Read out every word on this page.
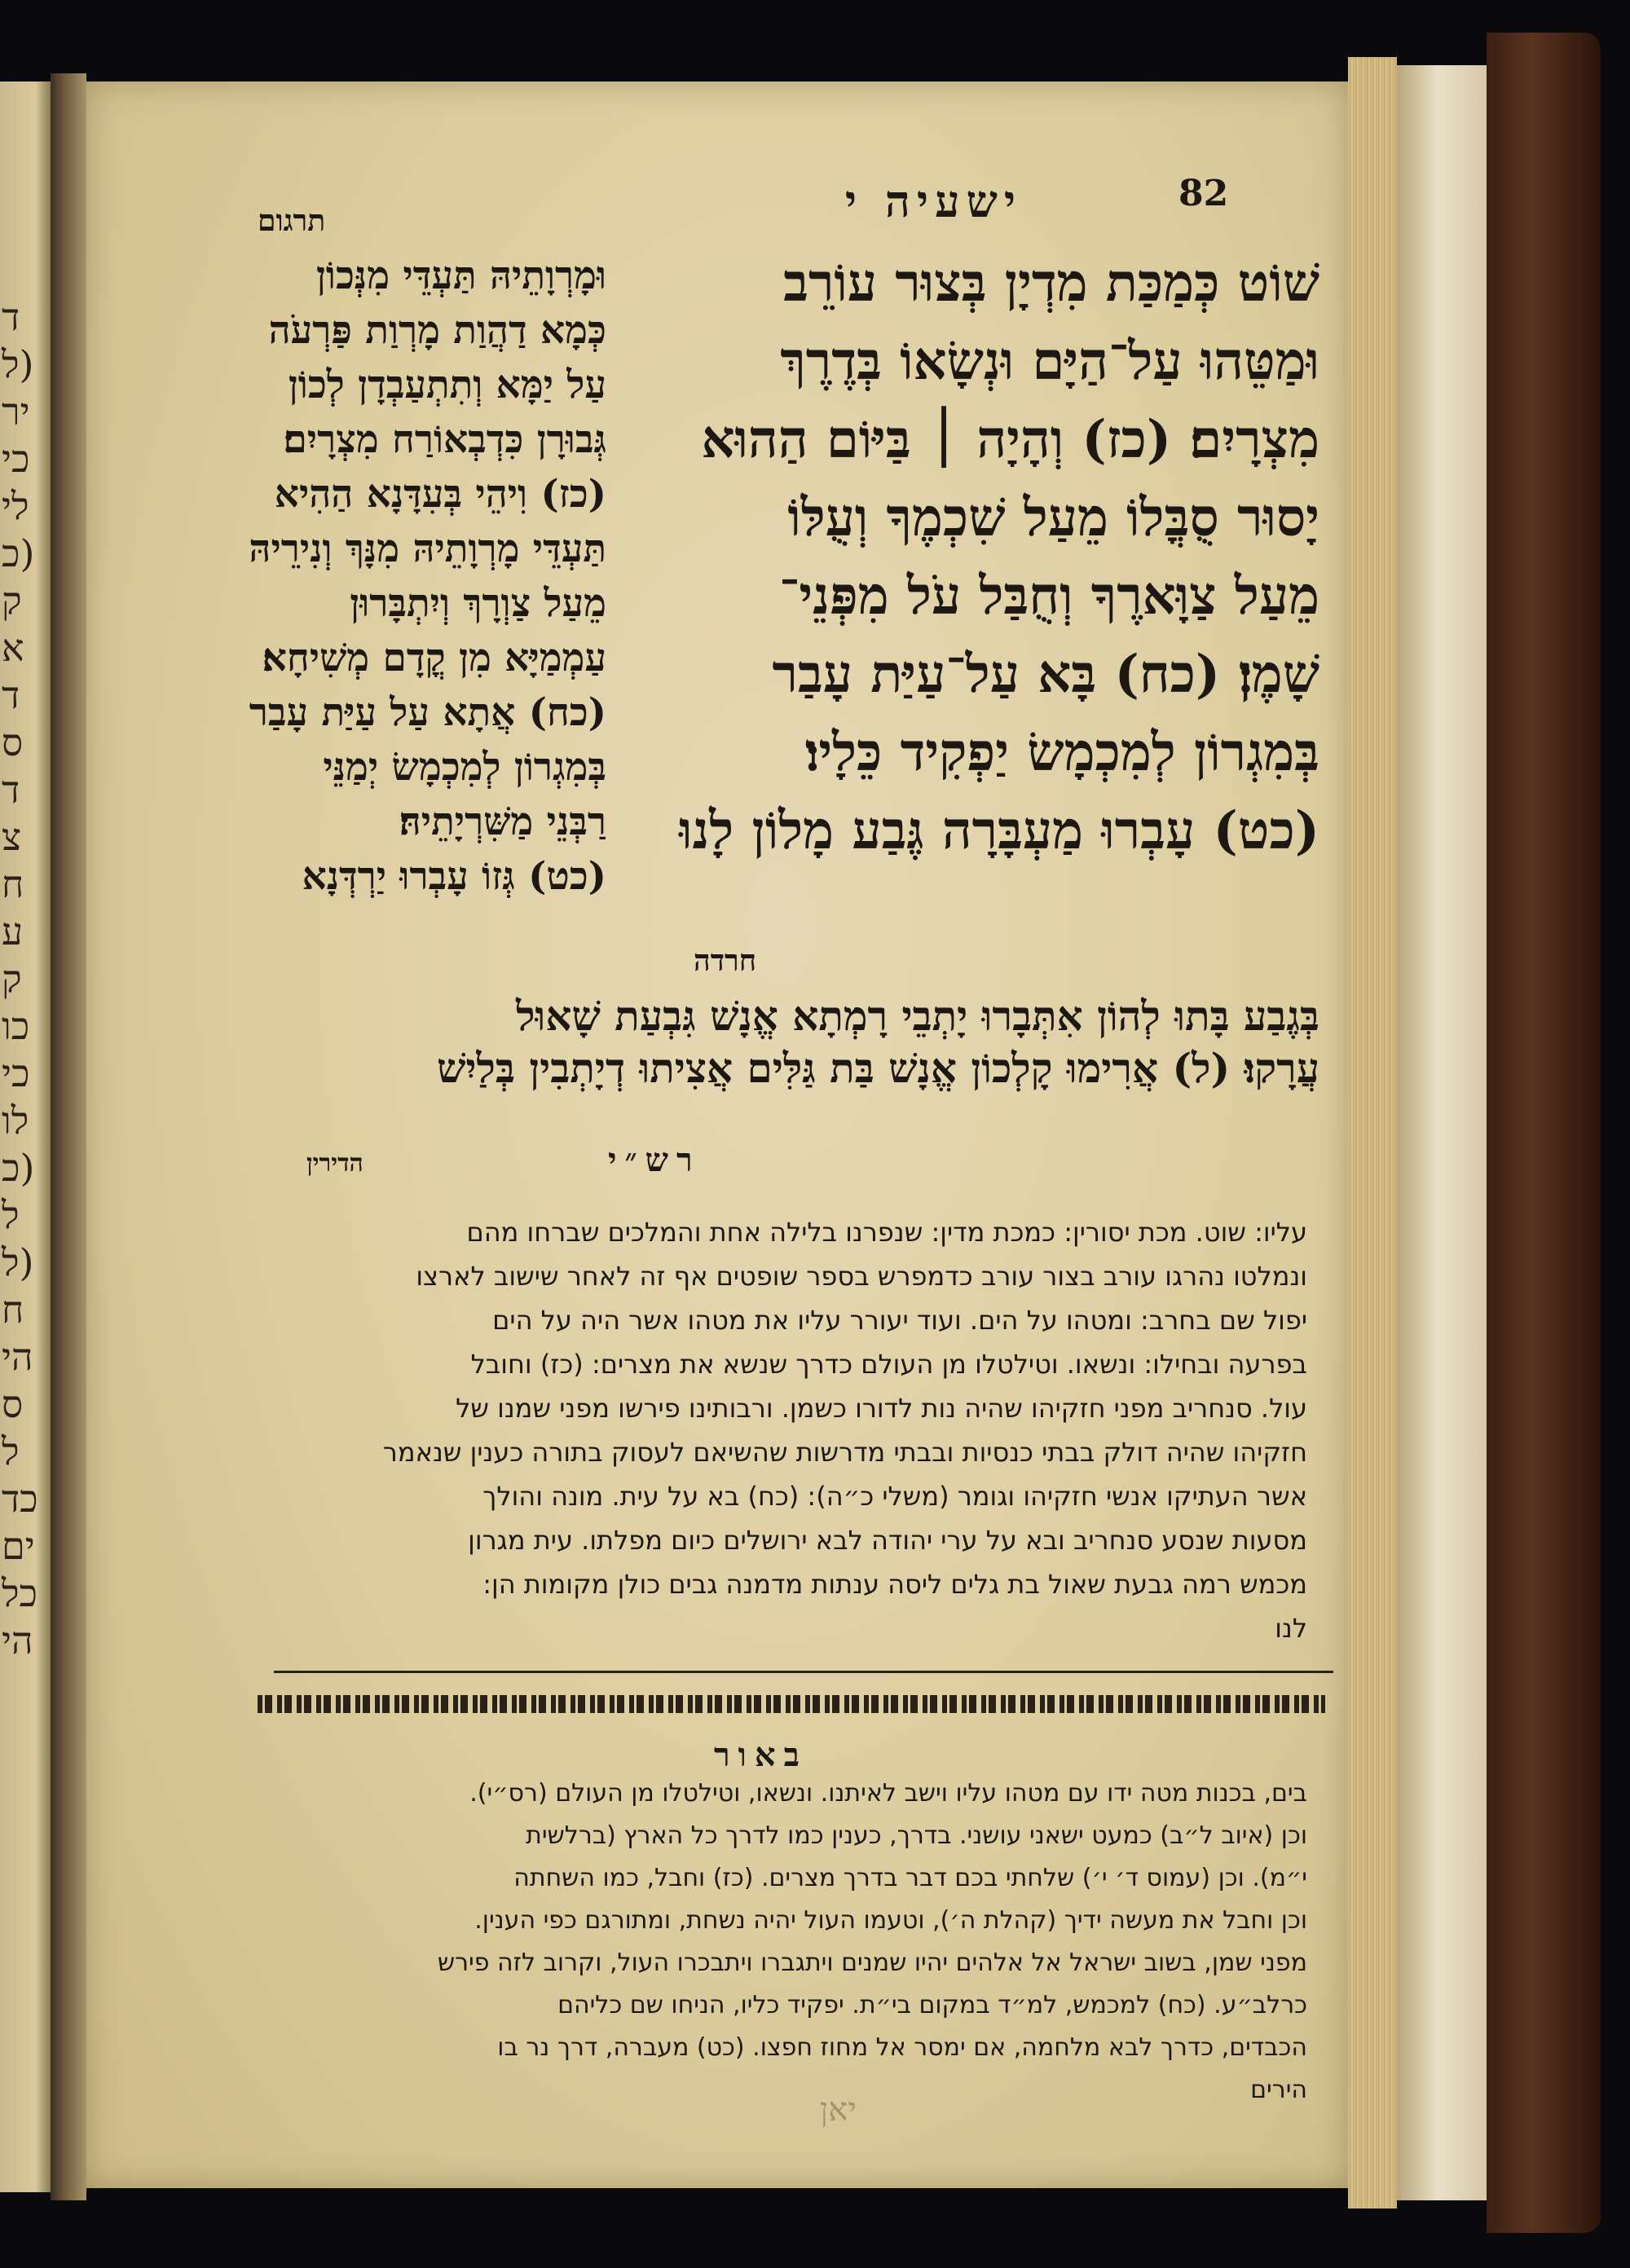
ד
(ל
יר
כי
לי
(כ
ק
א
ד
ס
ד
צ
ח
ע
ק
כו
כי
לו
(כ
ל
(ל
ח
הי
ס
ל
כד
ים
כל
הי
ישעיה י	82
תרגום
שׁוֹט כְּמַכַּת מִדְיָן בְּצוּר עוֹרֵב
וּמַטֵּהוּ עַל־הַיָּם וּנְשָׂאוֹ בְּדֶרֶךְ
מִצְרָיִם׃ (כז) וְהָיָה ׀ בַּיּוֹם הַהוּא
יָסוּר סֻבֳּלוֹ מֵעַל שִׁכְמֶךָ וְעֻלּוֹ
מֵעַל צַוָּארֶךָ וְחֻבַּל עֹל מִפְּנֵי־
שָׁמֶן׃ (כח) בָּא עַל־עַיַּת עָבַר
בְּמִגְרוֹן לְמִכְמָשׂ יַפְקִיד כֵּלָיו׃
(כט) עָבְרוּ מַעְבָּרָה גֶּבַע מָלוֹן לָנוּ
וּמָרְוָתֵיהּ תַּעְדֵּי מִנְּכוֹן
כְּמָא דַהֲוַת מָרְוַת פַּרְעֹה
עַל יַמָּא וְתִתְעַבְדָן לְכוֹן
גְּבוּרָן כִּדְבְאוֹרַח מִצְרָיִם׃
(כז) וִיהֵי בְּעִדָּנָא הַהִיא
תַּעְדֵּי מָרְוָתֵיהּ מִנָּךְ וְנִירֵיהּ
מֵעַל צַוְרָךְ וְיִתְבָּרוּן
עַמְמַיָּא מִן קֳדָם מְשִׁיחָא׃
(כח) אֲתָא עַל עַיַּת עָבַר
בְּמִגְרוֹן לְמִכְמָשׂ יְמַנֵּי
רַבְּנֵי מַשִּׁרְיָתֵיהּ׃
(כט) גְּזוֹ עָבְרוּ יַרְדְּנָא
חרדה
בְּגֶבַע בָּתוּ לְהוֹן אִתְּבָרוּ יָתְבֵי רָמְתָא אֱנָשׁ גִּבְעַת שָׁאוּל
עֲרָקוּ׃ (ל) אֲרִימוּ קָלְכוֹן אֱנָשׁ בַּת גַּלִּים אֲצִיתוּ דְיָתְבִין בְּלַיִשׁ
רש״י
הדירין
עליו: שוט. מכת יסורין: כמכת מדין: שנפרנו בלילה אחת והמלכים שברחו מהם
ונמלטו נהרגו עורב בצור עורב כדמפרש בספר שופטים אף זה לאחר שישוב לארצו
יפול שם בחרב: ומטהו על הים. ועוד יעורר עליו את מטהו אשר היה על הים
בפרעה ובחילו: ונשאו. וטילטלו מן העולם כדרך שנשא את מצרים: (כז) וחובל
עול. סנחריב מפני חזקיהו שהיה נות לדורו כשמן. ורבותינו פירשו מפני שמנו של
חזקיהו שהיה דולק בבתי כנסיות ובבתי מדרשות שהשיאם לעסוק בתורה כענין שנאמר
אשר העתיקו אנשי חזקיהו וגומר (משלי כ״ה): (כח) בא על עית. מונה והולך
מסעות שנסע סנחריב ובא על ערי יהודה לבא ירושלים כיום מפלתו. עית מגרון
מכמש רמה גבעת שאול בת גלים ליסה ענתות מדמנה גבים כולן מקומות הן:
לנו
באור
בים, בכנות מטה ידו עם מטהו עליו וישב לאיתנו. ונשאו, וטילטלו מן העולם (רס״י).
וכן (איוב ל״ב) כמעט ישאני עושני. בדרך, כענין כמו לדרך כל הארץ (ברלשית
י״מ). וכן (עמוס ד׳ י׳) שלחתי בכם דבר בדרך מצרים. (כז) וחבל, כמו השחתה
וכן וחבל את מעשה ידיך (קהלת ה׳), וטעמו העול יהיה נשחת, ומתורגם כפי הענין.
מפני שמן, בשוב ישראל אל אלהים יהיו שמנים ויתגברו ויתבכרו העול, וקרוב לזה פירש
כרלב״ע. (כח) למכמש, למ״ד במקום בי״ת. יפקיד כליו, הניחו שם כליהם
הכבדים, כדרך לבא מלחמה, אם ימסר אל מחוז חפצו. (כט) מעברה, דרך נר בו
הירים
יאן
